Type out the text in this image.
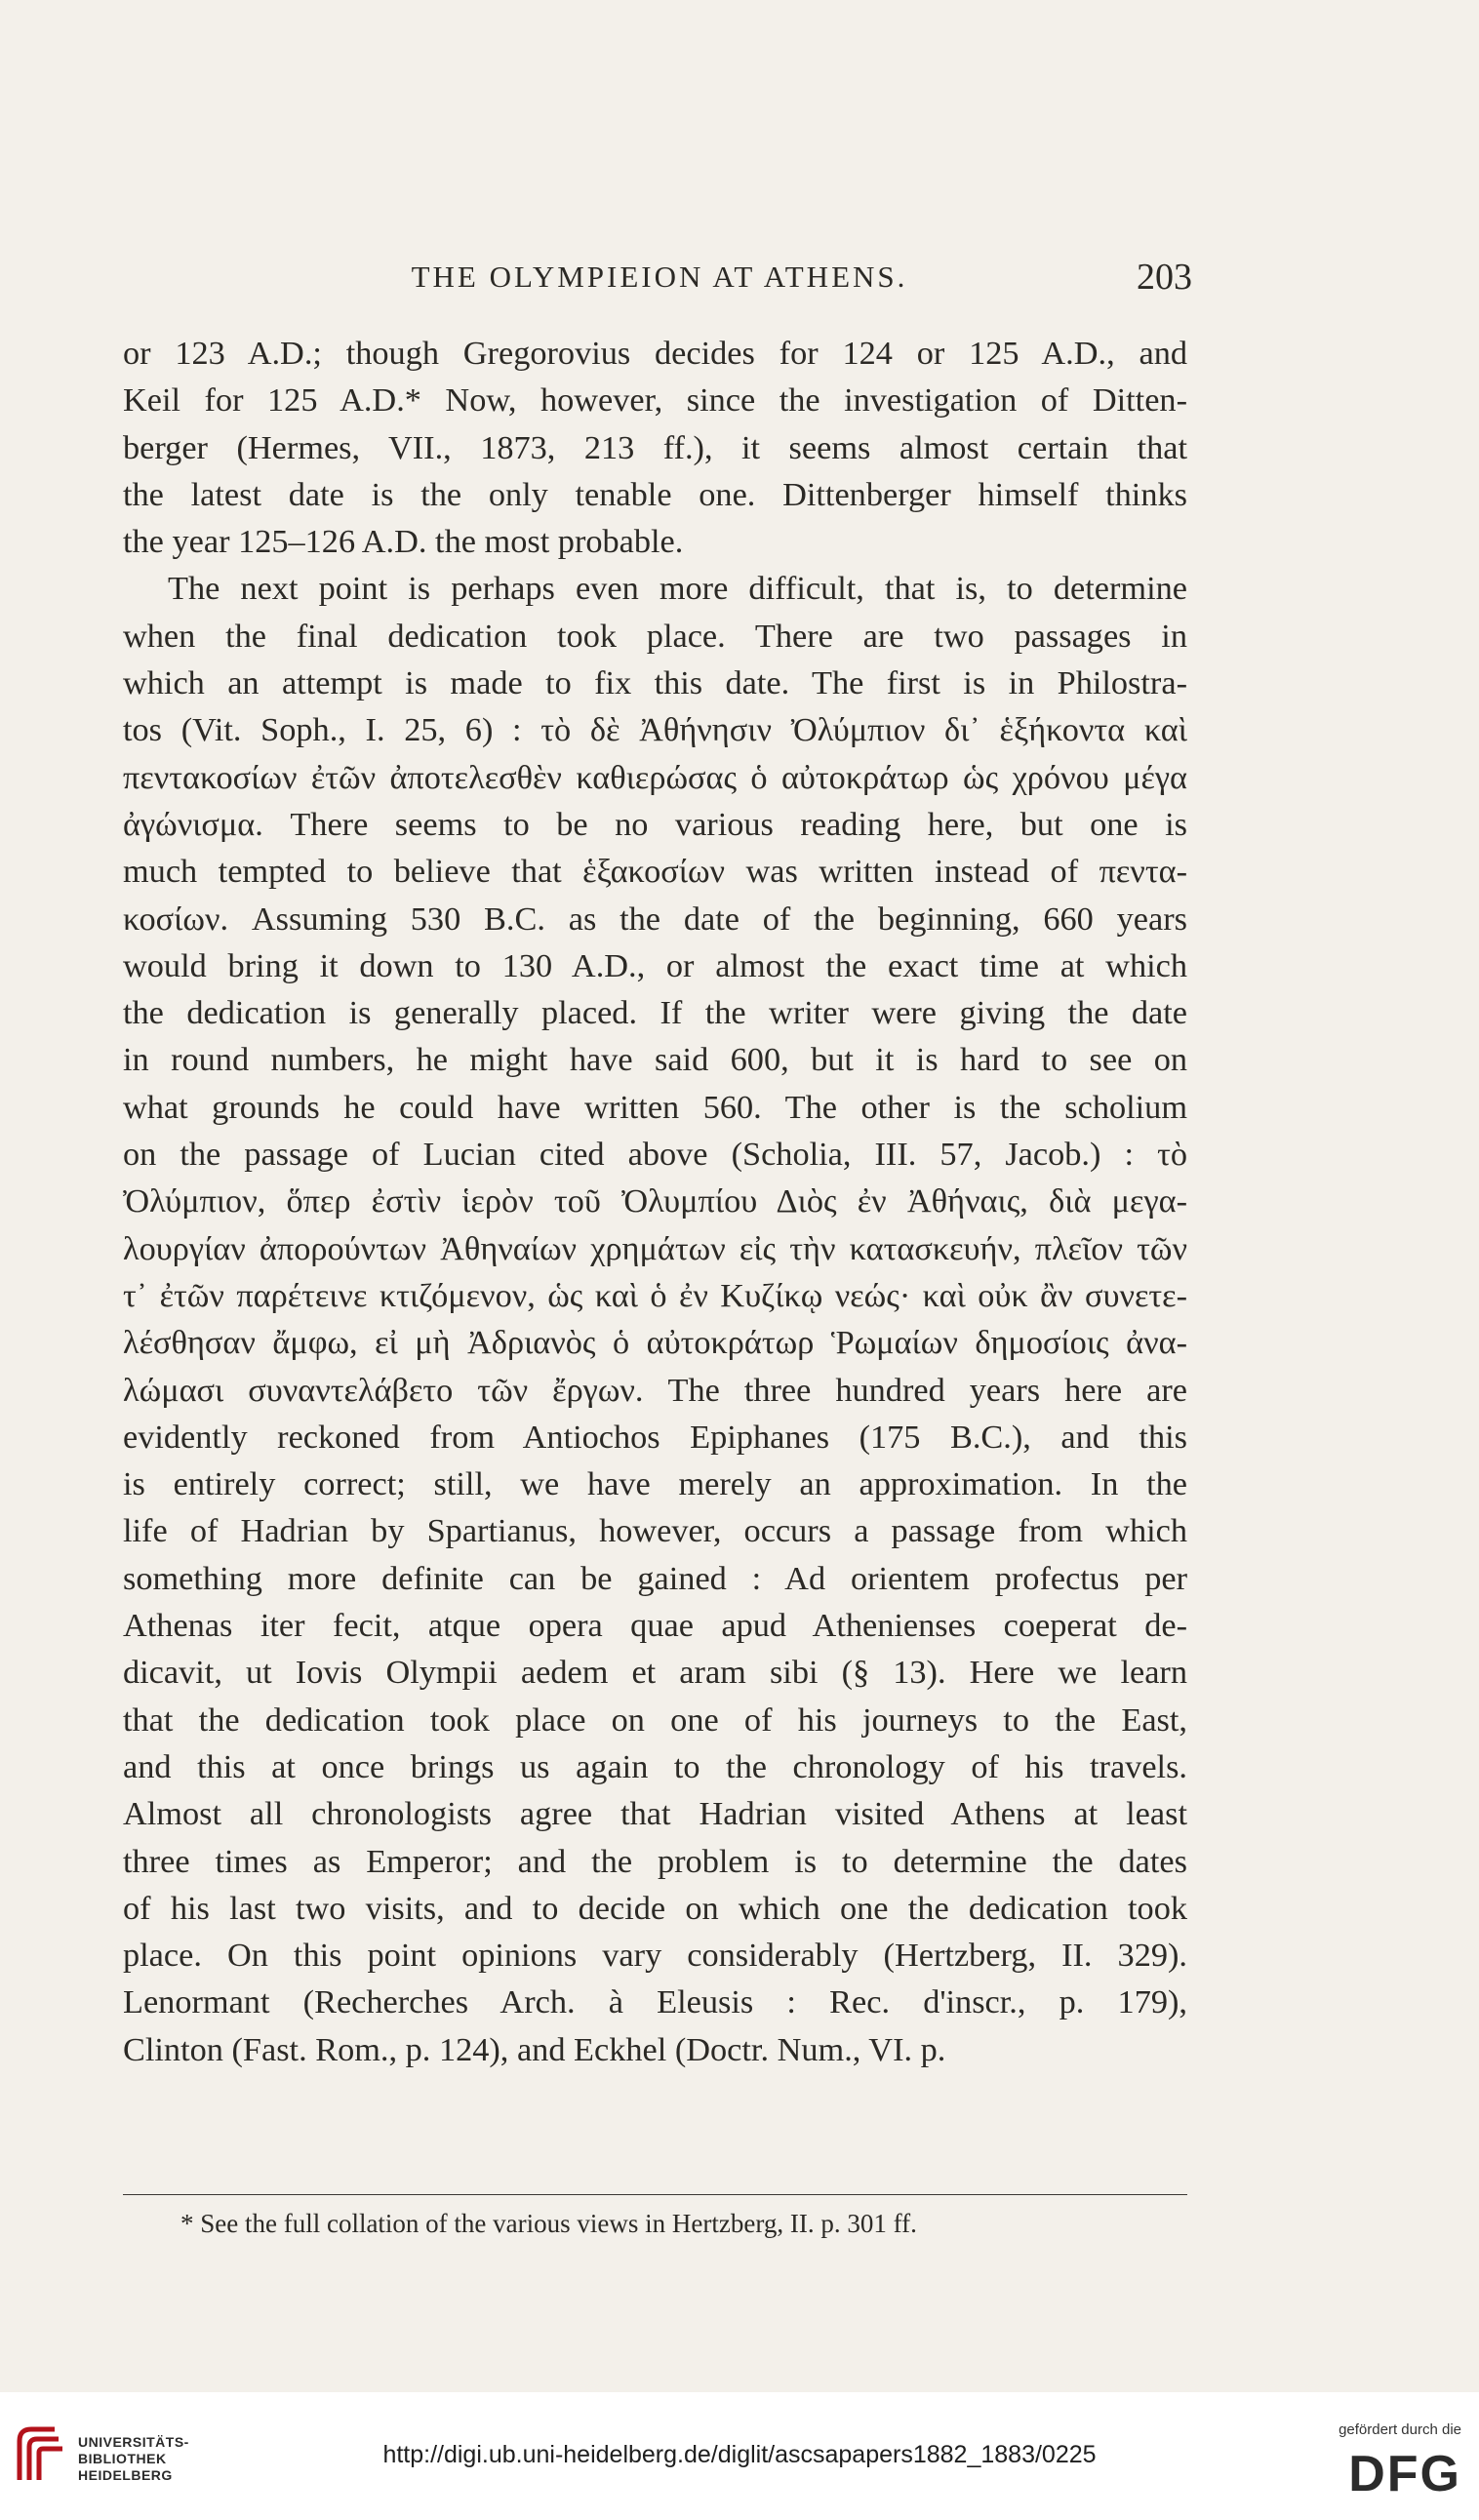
THE OLYMPIEION AT ATHENS.	203
or 123 A.D.; though Gregorovius decides for 124 or 125 A.D., and
Keil for 125 A.D.* Now, however, since the investigation of Ditten-
berger (Hermes, VII., 1873, 213 ff.), it seems almost certain that
the latest date is the only tenable one. Dittenberger himself thinks
the year 125–126 A.D. the most probable.
The next point is perhaps even more difficult, that is, to determine
when the final dedication took place. There are two passages in
which an attempt is made to fix this date. The first is in Philostra-
tos (Vit. Soph., I. 25, 6) : τὸ δὲ Ἀθήνησιν Ὀλύμπιον δι᾽ ἑξήκοντα καὶ
πεντακοσίων ἐτῶν ἀποτελεσθὲν καθιερώσας ὁ αὐτοκράτωρ ὡς χρόνου μέγα
ἀγώνισμα. There seems to be no various reading here, but one is
much tempted to believe that ἑξακοσίων was written instead of πεντα-
κοσίων. Assuming 530 B.C. as the date of the beginning, 660 years
would bring it down to 130 A.D., or almost the exact time at which
the dedication is generally placed. If the writer were giving the date
in round numbers, he might have said 600, but it is hard to see on
what grounds he could have written 560. The other is the scholium
on the passage of Lucian cited above (Scholia, III. 57, Jacob.) : τὸ
Ὀλύμπιον, ὅπερ ἐστὶν ἱερὸν τοῦ Ὀλυμπίου Διὸς ἐν Ἀθήναις, διὰ μεγα-
λουργίαν ἀπορούντων Ἀθηναίων χρημάτων εἰς τὴν κατασκευήν, πλεῖον τῶν
τ᾽ ἐτῶν παρέτεινε κτιζόμενον, ὡς καὶ ὁ ἐν Κυζίκῳ νεώς· καὶ οὐκ ἂν συνετε-
λέσθησαν ἄμφω, εἰ μὴ Ἀδριανὸς ὁ αὐτοκράτωρ Ῥωμαίων δημοσίοις ἀνα-
λώμασι συναντελάβετο τῶν ἔργων. The three hundred years here are
evidently reckoned from Antiochos Epiphanes (175 B.C.), and this
is entirely correct; still, we have merely an approximation. In the
life of Hadrian by Spartianus, however, occurs a passage from which
something more definite can be gained : Ad orientem profectus per
Athenas iter fecit, atque opera quae apud Athenienses coeperat de-
dicavit, ut Iovis Olympii aedem et aram sibi (§ 13). Here we learn
that the dedication took place on one of his journeys to the East,
and this at once brings us again to the chronology of his travels.
Almost all chronologists agree that Hadrian visited Athens at least
three times as Emperor; and the problem is to determine the dates
of his last two visits, and to decide on which one the dedication took
place. On this point opinions vary considerably (Hertzberg, II. 329).
Lenormant (Recherches Arch. à Eleusis : Rec. d'inscr., p. 179),
Clinton (Fast. Rom., p. 124), and Eckhel (Doctr. Num., VI. p.
* See the full collation of the various views in Hertzberg, II. p. 301 ff.
UNIVERSITÄTS-
BIBLIOTHEK
HEIDELBERG
http://digi.ub.uni-heidelberg.de/diglit/ascsapapers1882_1883/0225
gefördert durch die
DFG
